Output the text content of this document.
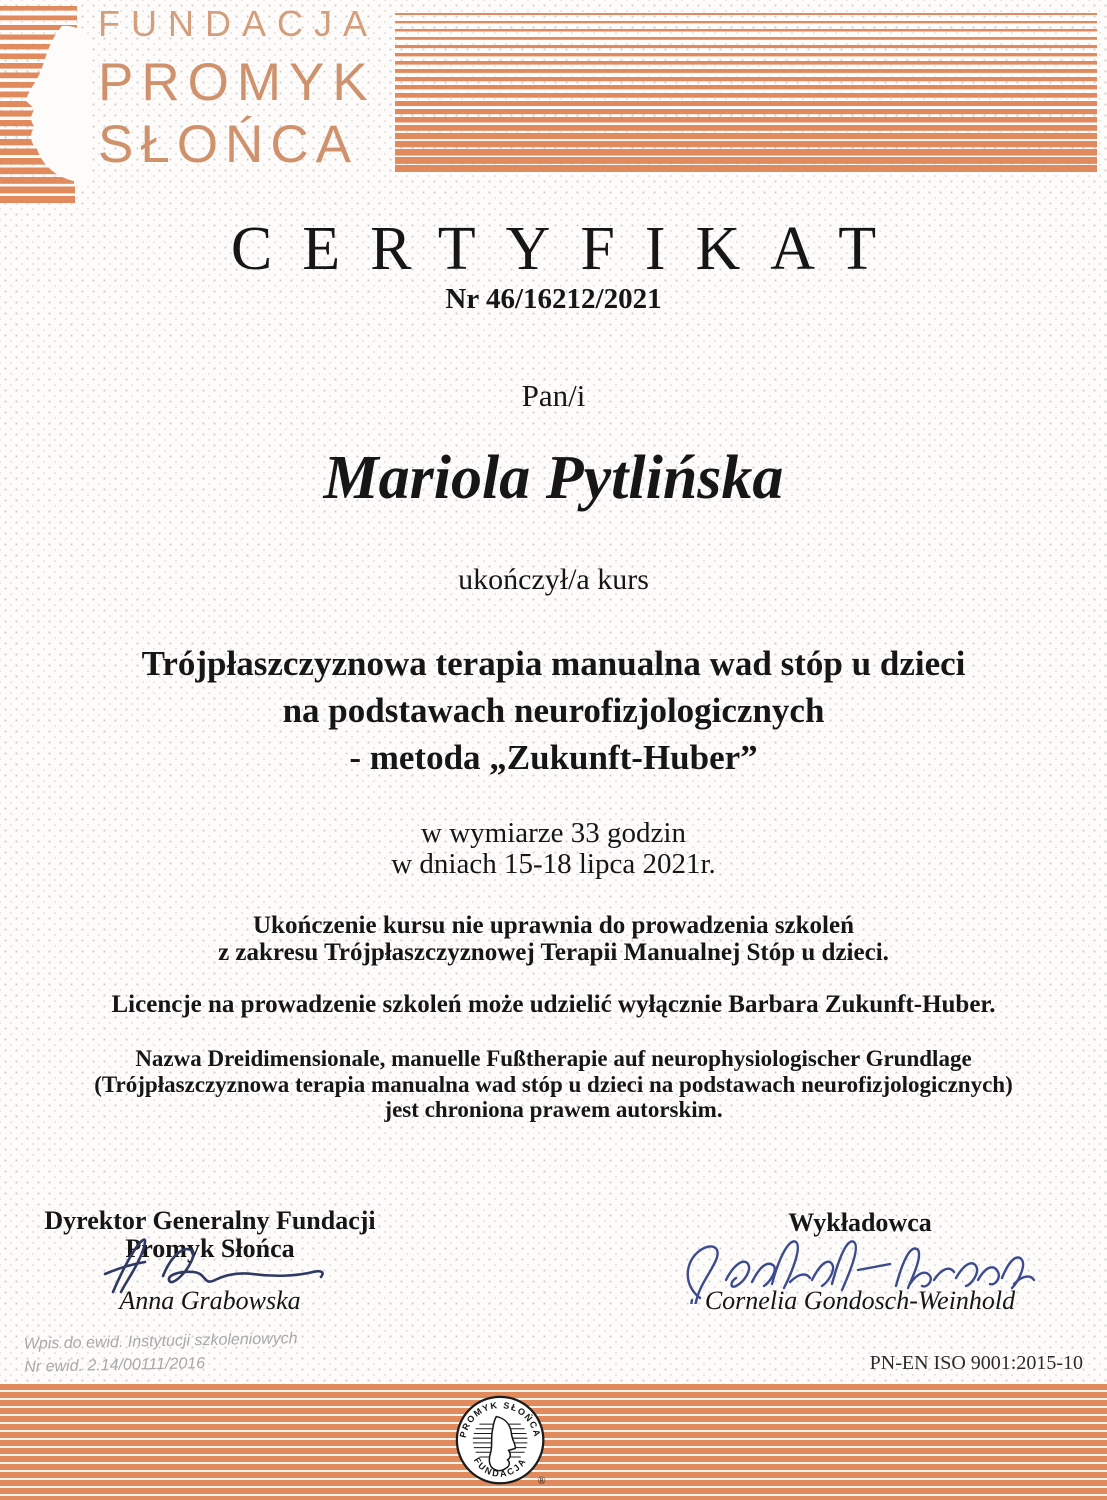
FUNDACJA
PROMYK
SŁOŃCA
CERTYFIKAT
Nr 46/16212/2021
Pan/i
Mariola Pytlińska
ukończył/a kurs
Trójpłaszczyznowa terapia manualna wad stóp u dzieci
na podstawach neurofizjologicznych
- metoda „Zukunft-Huber”
w wymiarze 33 godzin
w dniach 15-18 lipca 2021r.
Ukończenie kursu nie uprawnia do prowadzenia szkoleń
z zakresu Trójpłaszczyznowej Terapii Manualnej Stóp u dzieci.
Licencje na prowadzenie szkoleń może udzielić wyłącznie Barbara Zukunft-Huber.
Nazwa Dreidimensionale, manuelle Fußtherapie auf neurophysiologischer Grundlage
(Trójpłaszczyznowa terapia manualna wad stóp u dzieci na podstawach neurofizjologicznych)
jest chroniona prawem autorskim.
Dyrektor Generalny Fundacji
Promyk Słońca
Anna Grabowska
Wykładowca
Cornelia Gondosch-Weinhold
Wpis do ewid. Instytucji szkoleniowych
Nr ewid. 2.14/00111/2016	PN-EN ISO 9001:2015-10
PROMYK SŁOŃCA
FUNDACJA
®
